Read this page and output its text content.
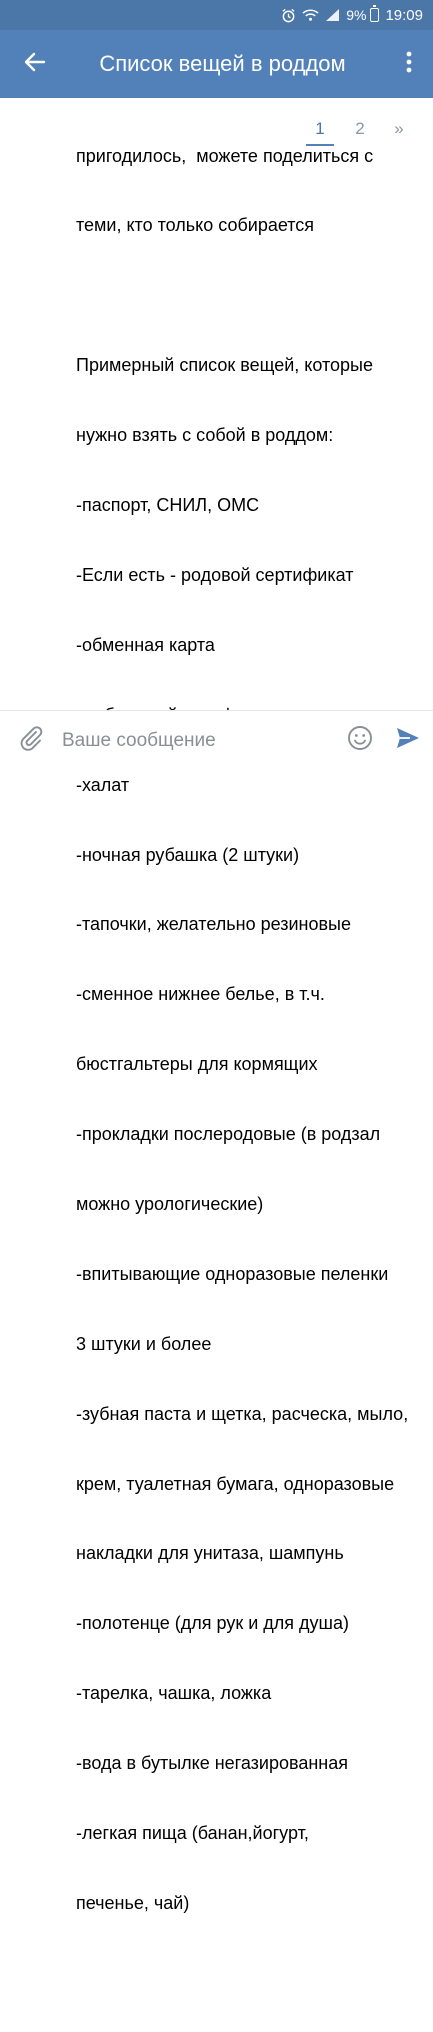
9% 19:09
Список вещей в роддом

пригодилось,  можете поделиться с

теми, кто только собирается

Примерный список вещей, которые

нужно взять с собой в роддом:

-паспорт, СНИЛ, ОМС

-Если есть - родовой сертификат

-обменная карта

-халат

-ночная рубашка (2 штуки)

-тапочки, желательно резиновые

-сменное нижнее белье, в т.ч.

бюстгальтеры для кормящих

-прокладки послеродовые (в родзал

можно урологические)

-впитывающие одноразовые пеленки

3 штуки и более

-зубная паста и щетка, расческа, мыло,

крем, туалетная бумага, одноразовые

накладки для унитаза, шампунь

-полотенце (для рук и для душа)

-тарелка, чашка, ложка

-вода в бутылке негазированная

-легкая пища (банан,йогурт,

печенье, чай)

1	2	»
Ваше сообщение
